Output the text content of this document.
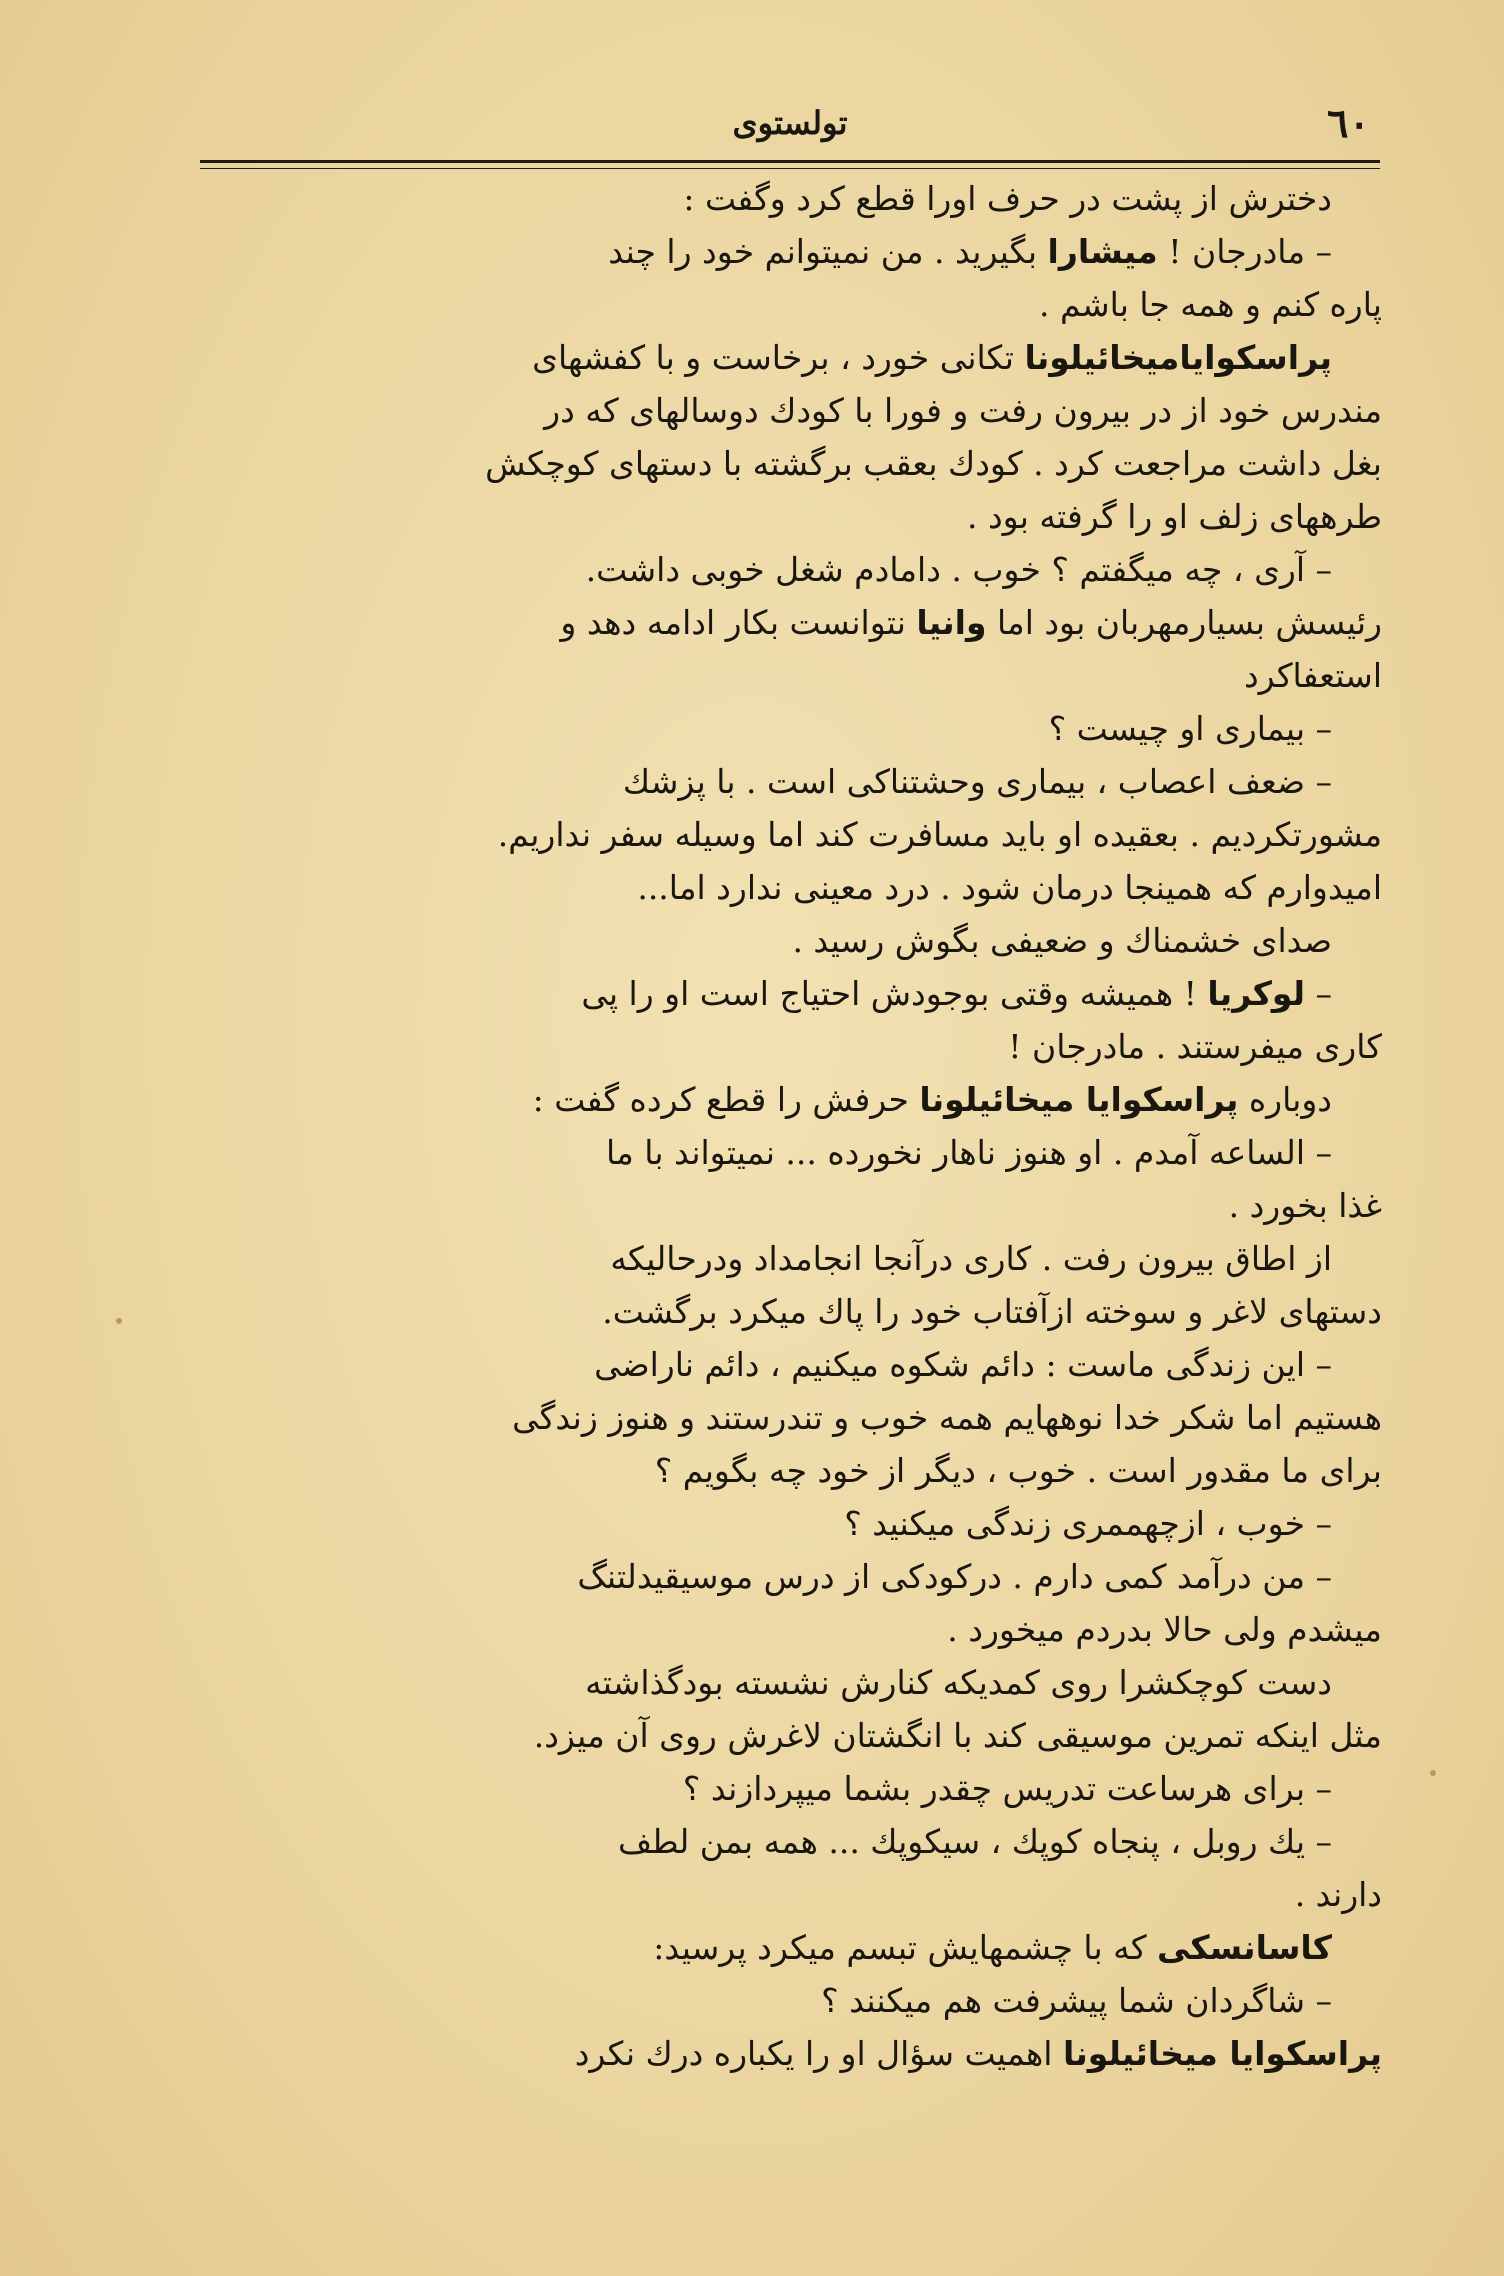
تولستوی	٦٠
دخترش از پشت در حرف اورا قطع کرد وگفت :
– مادرجان ! میشارا بگیرید . من نمیتوانم خود را چند
پاره کنم و همه جا باشم .
پراسکوایامیخائیلونا تکانی خورد ، برخاست و با کفشهای
مندرس خود از در بیرون رفت و فورا با کودك دوسالهای که در
بغل داشت مراجعت کرد . کودك بعقب برگشته با دستهای کوچکش
طرههای زلف او را گرفته بود .
– آری ، چه میگفتم ؟ خوب . دامادم شغل خوبی داشت.
رئیسش بسیارمهربان بود اما وانیا نتوانست بکار ادامه دهد و
استعفاکرد
– بیماری او چیست ؟
– ضعف اعصاب ، بیماری وحشتناکی است . با پزشك
مشورتکردیم . بعقیده او باید مسافرت کند اما وسیله سفر نداریم.
امیدوارم که همینجا درمان شود . درد معینی ندارد اما...
صدای خشمناك و ضعیفی بگوش رسید .
– لوکریا ! همیشه وقتی بوجودش احتیاج است او را پی
کاری میفرستند . مادرجان !
دوباره پراسکوایا میخائیلونا حرفش را قطع کرده گفت :
– الساعه آمدم . او هنوز ناهار نخورده ... نمیتواند با ما
غذا بخورد .
از اطاق بیرون رفت . کاری درآنجا انجامداد ودرحالیکه
دستهای لاغر و سوخته ازآفتاب خود را پاك میکرد برگشت.
– این زندگی ماست : دائم شکوه میکنیم ، دائم ناراضی
هستیم اما شکر خدا نوههایم همه خوب و تندرستند و هنوز زندگی
برای ما مقدور است . خوب ، دیگر از خود چه بگویم ؟
– خوب ، ازچهممری زندگی میکنید ؟
– من درآمد کمی دارم . درکودکی از درس موسیقیدلتنگ
میشدم ولی حالا بدردم میخورد .
دست کوچکشرا روی کمدیکه کنارش نشسته بودگذاشته
مثل اینکه تمرین موسیقی کند با انگشتان لاغرش روی آن میزد.
– برای هرساعت تدریس چقدر بشما میپردازند ؟
– یك روبل ، پنجاه کوپك ، سیکوپك ... همه بمن لطف
دارند .
کاسانسکی که با چشمهایش تبسم میکرد پرسید:
– شاگردان شما پیشرفت هم میکنند ؟
پراسکوایا میخائیلونا اهمیت سؤال او را یکباره درك نکرد
